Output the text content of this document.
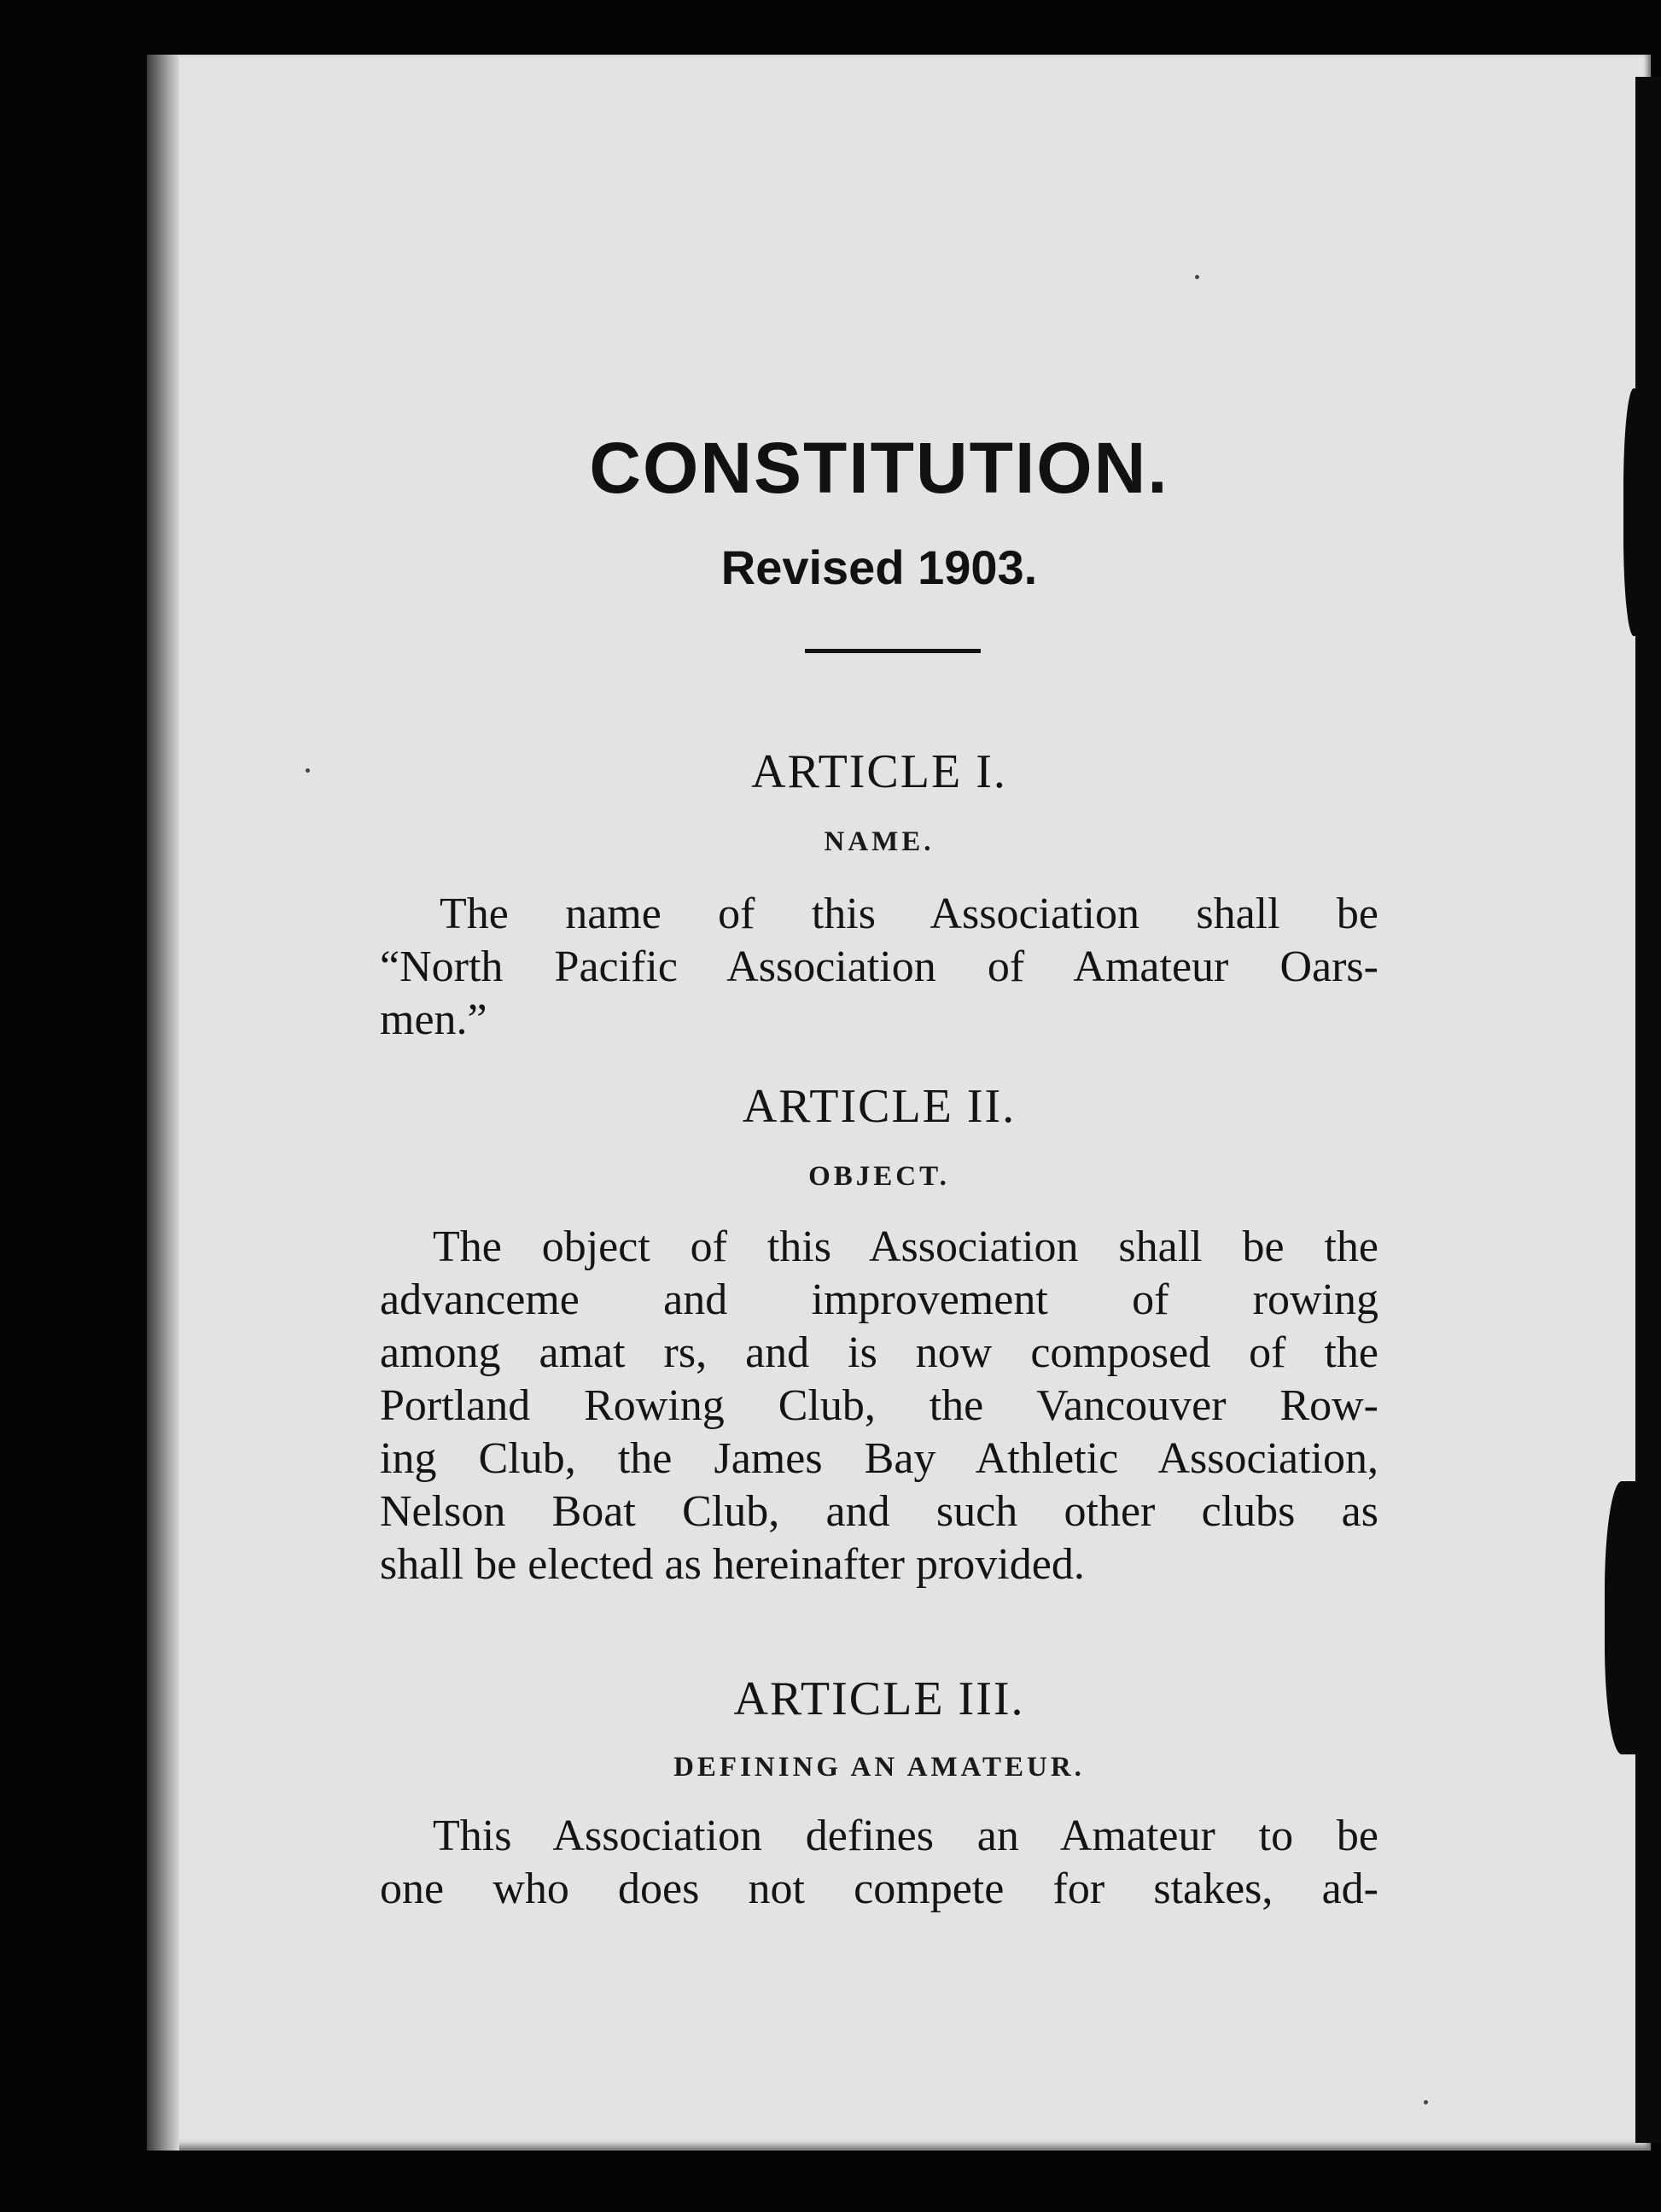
CONSTITUTION.
Revised 1903.
ARTICLE I.
NAME.
The name of this Association shall be
“North Pacific Association of Amateur Oars-
men.”
ARTICLE II.
OBJECT.
The object of this Association shall be the
advanceme and improvement of rowing
among amat rs, and is now composed of the
Portland Rowing Club, the Vancouver Row-
ing Club, the James Bay Athletic Association,
Nelson Boat Club, and such other clubs as
shall be elected as hereinafter provided.
ARTICLE III.
DEFINING AN AMATEUR.
This Association defines an Amateur to be
one who does not compete for stakes, ad-
